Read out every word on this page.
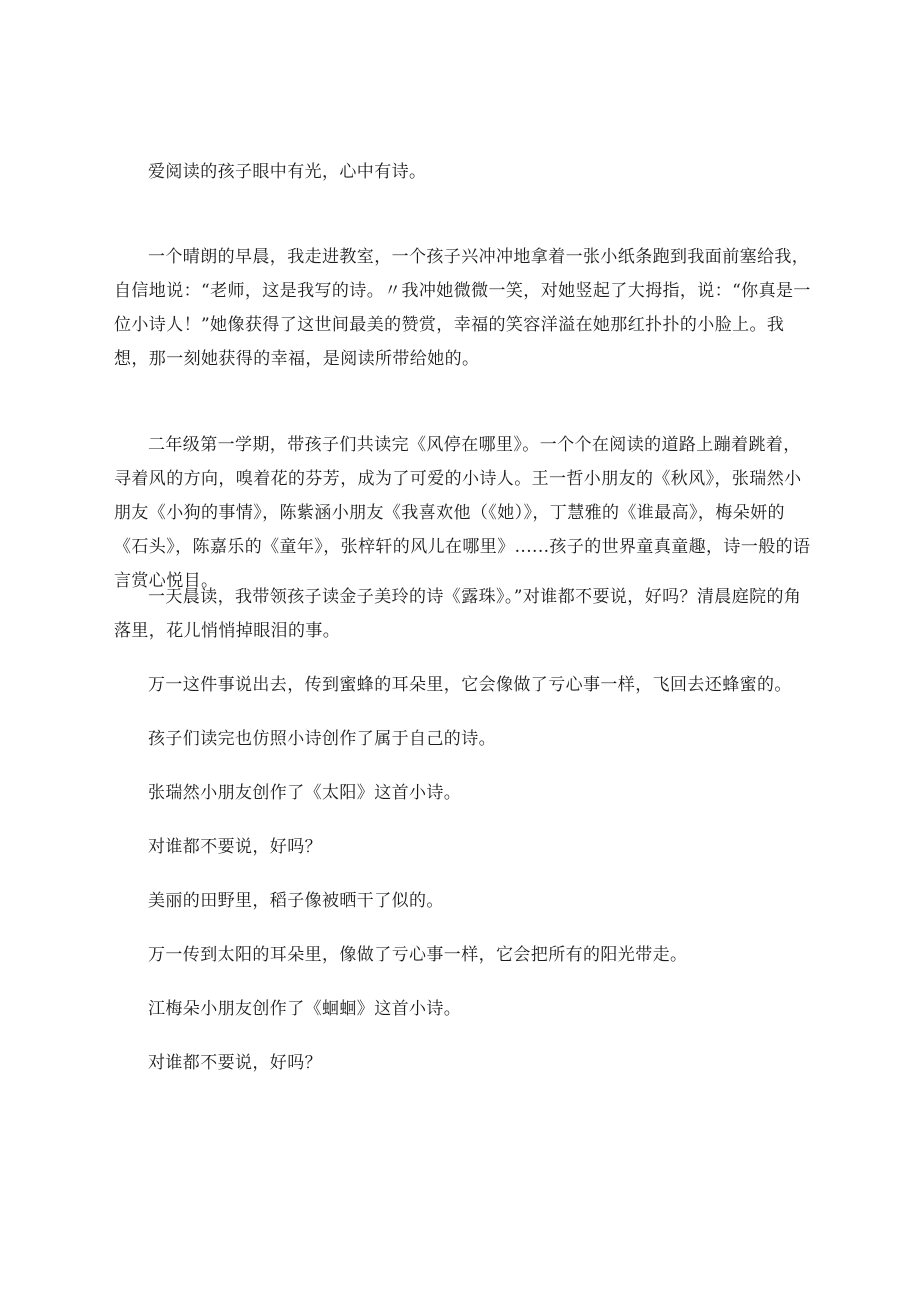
爱阅读的孩子眼中有光，心中有诗。

一个晴朗的早晨，我走进教室，一个孩子兴冲冲地拿着一张小纸条跑到我面前塞给我，自信地说：“老师，这是我写的诗。〃我冲她微微一笑，对她竖起了大拇指，说：“你真是一位小诗人！”她像获得了这世间最美的赞赏，幸福的笑容洋溢在她那红扑扑的小脸上。我想，那一刻她获得的幸福，是阅读所带给她的。

二年级第一学期，带孩子们共读完《风停在哪里》。一个个在阅读的道路上蹦着跳着，寻着风的方向，嗅着花的芬芳，成为了可爱的小诗人。王一哲小朋友的《秋风》，张瑞然小朋友《小狗的事情》，陈紫涵小朋友《我喜欢他（《她）》，丁慧雅的《谁最高》，梅朵妍的《石头》，陈嘉乐的《童年》，张梓轩的风儿在哪里》......孩子的世界童真童趣，诗一般的语言赏心悦目。

一天晨读，我带领孩子读金子美玲的诗《露珠》。”对谁都不要说，好吗？清晨庭院的角落里，花儿悄悄掉眼泪的事。

万一这件事说出去，传到蜜蜂的耳朵里，它会像做了亏心事一样，飞回去还蜂蜜的。

孩子们读完也仿照小诗创作了属于自己的诗。

张瑞然小朋友创作了《太阳》这首小诗。

对谁都不要说，好吗？

美丽的田野里，稻子像被晒干了似的。

万一传到太阳的耳朵里，像做了亏心事一样，它会把所有的阳光带走。

江梅朵小朋友创作了《蛔蛔》这首小诗。

对谁都不要说，好吗？
